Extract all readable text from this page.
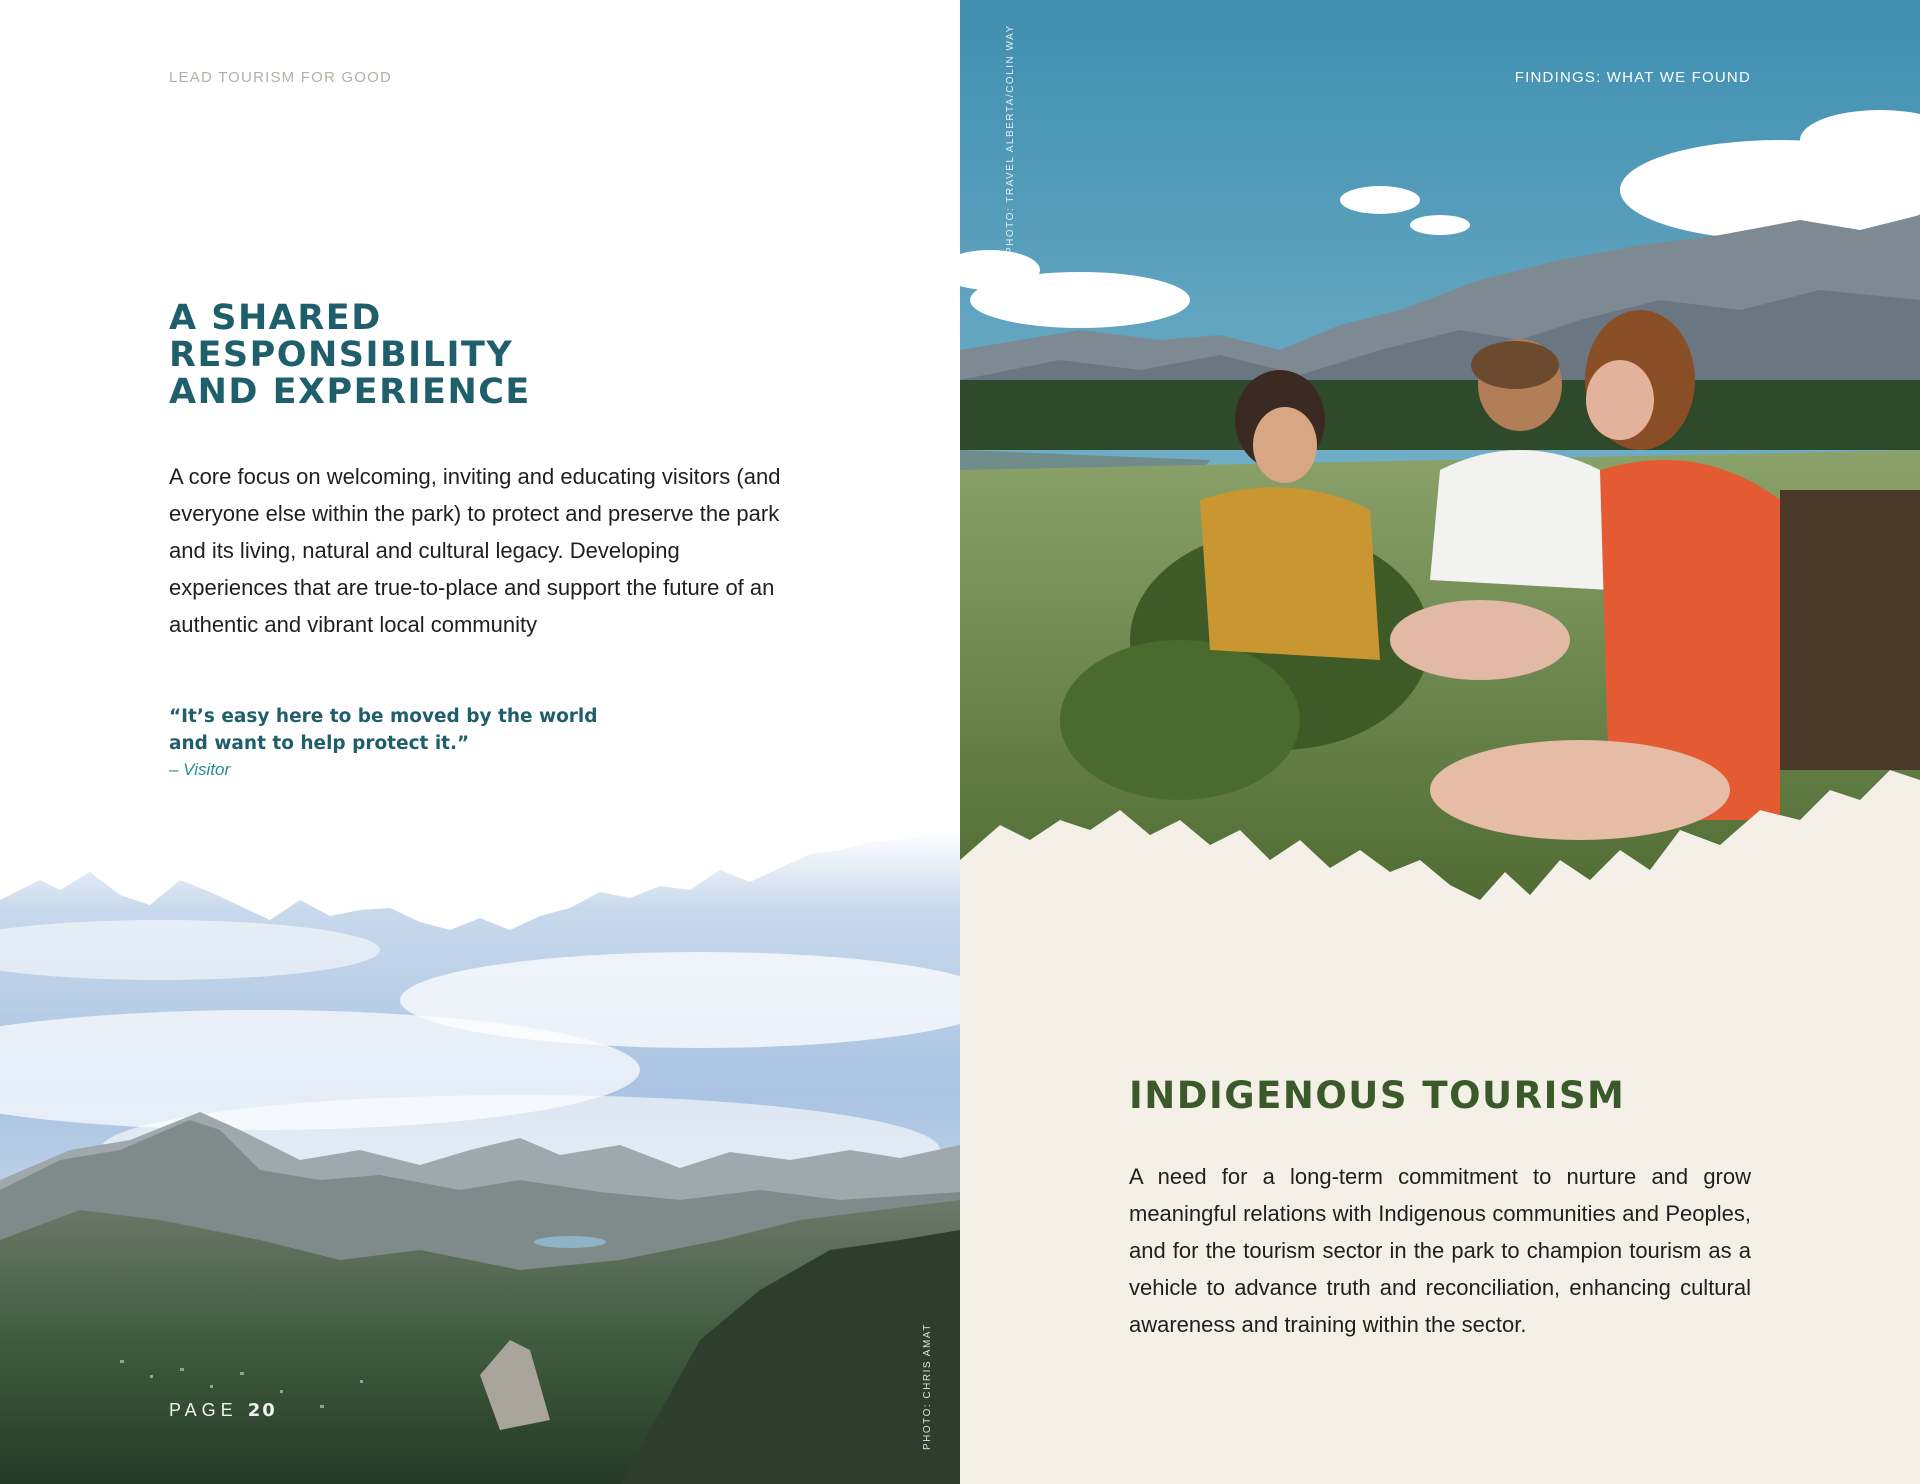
LEAD TOURISM FOR GOOD
A SHARED
RESPONSIBILITY
AND EXPERIENCE

A core focus on welcoming, inviting and educating visitors (and everyone else within the park) to protect and preserve the park and its living, natural and cultural legacy. Developing experiences that are true-to-place and support the future of an authentic and vibrant local community

“It’s easy here to be moved by the world and want to help protect it.”

– Visitor

PHOTO: CHRIS AMAT
PAGE 20
FINDINGS: WHAT WE FOUND
PHOTO: TRAVEL ALBERTA/COLIN WAY
INDIGENOUS TOURISM

A need for a long-term commitment to nurture and grow meaningful relations with Indigenous communities and Peoples, and for the tourism sector in the park to champion tourism as a vehicle to advance truth and reconciliation, enhancing cultural awareness and training within the sector.
